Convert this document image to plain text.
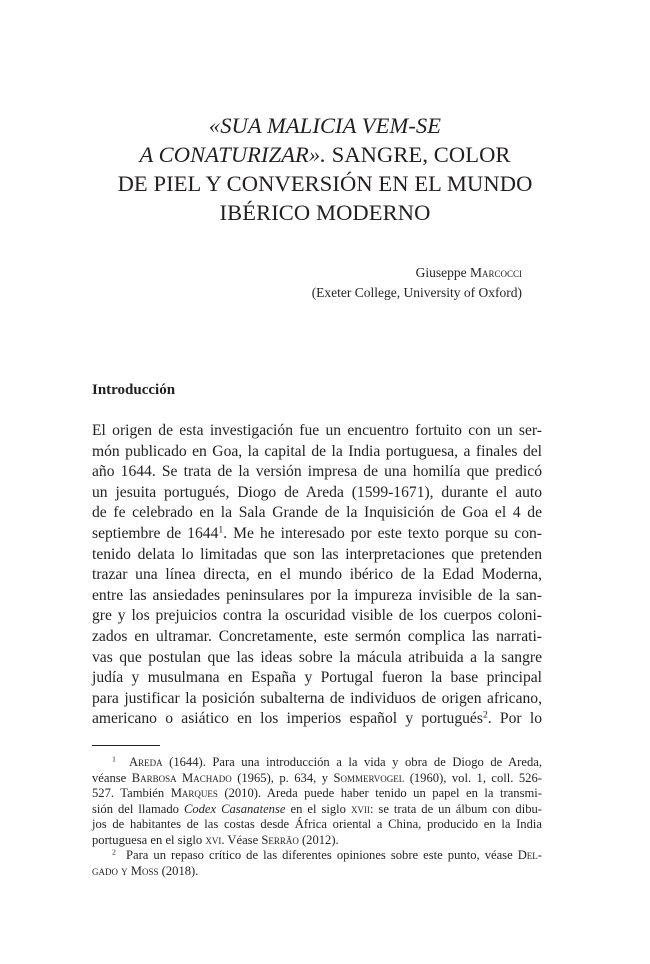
«SUA MALICIA VEM-SE
A CONATURIZAR». SANGRE, COLOR
DE PIEL Y CONVERSIÓN EN EL MUNDO
IBÉRICO MODERNO
Giuseppe Marcocci
(Exeter College, University of Oxford)
Introducción
El origen de esta investigación fue un encuentro fortuito con un ser-
món publicado en Goa, la capital de la India portuguesa, a finales del
año 1644. Se trata de la versión impresa de una homilía que predicó
un jesuita portugués, Diogo de Areda (1599-1671), durante el auto
de fe celebrado en la Sala Grande de la Inquisición de Goa el 4 de
septiembre de 1644$^1$. Me he interesado por este texto porque su con-
tenido delata lo limitadas que son las interpretaciones que pretenden
trazar una línea directa, en el mundo ibérico de la Edad Moderna,
entre las ansiedades peninsulares por la impureza invisible de la san-
gre y los prejuicios contra la oscuridad visible de los cuerpos coloni-
zados en ultramar. Concretamente, este sermón complica las narrati-
vas que postulan que las ideas sobre la mácula atribuida a la sangre
judía y musulmana en España y Portugal fueron la base principal
para justificar la posición subalterna de individuos de origen africano,
americano o asiático en los imperios español y portugués$^2$. Por lo
$^1$ Areda (1644). Para una introducción a la vida y obra de Diogo de Areda,
véanse Barbosa Machado (1965), p. 634, y Sommervogel (1960), vol. 1, coll. 526-
527. También Marques (2010). Areda puede haber tenido un papel en la transmi-
sión del llamado Codex Casanatense en el siglo xvii: se trata de un álbum con dibu-
jos de habitantes de las costas desde África oriental a China, producido en la India
portuguesa en el siglo xvi. Véase Serrão (2012).
$^2$ Para un repaso crítico de las diferentes opiniones sobre este punto, véase Del-
gado y Moss (2018).
